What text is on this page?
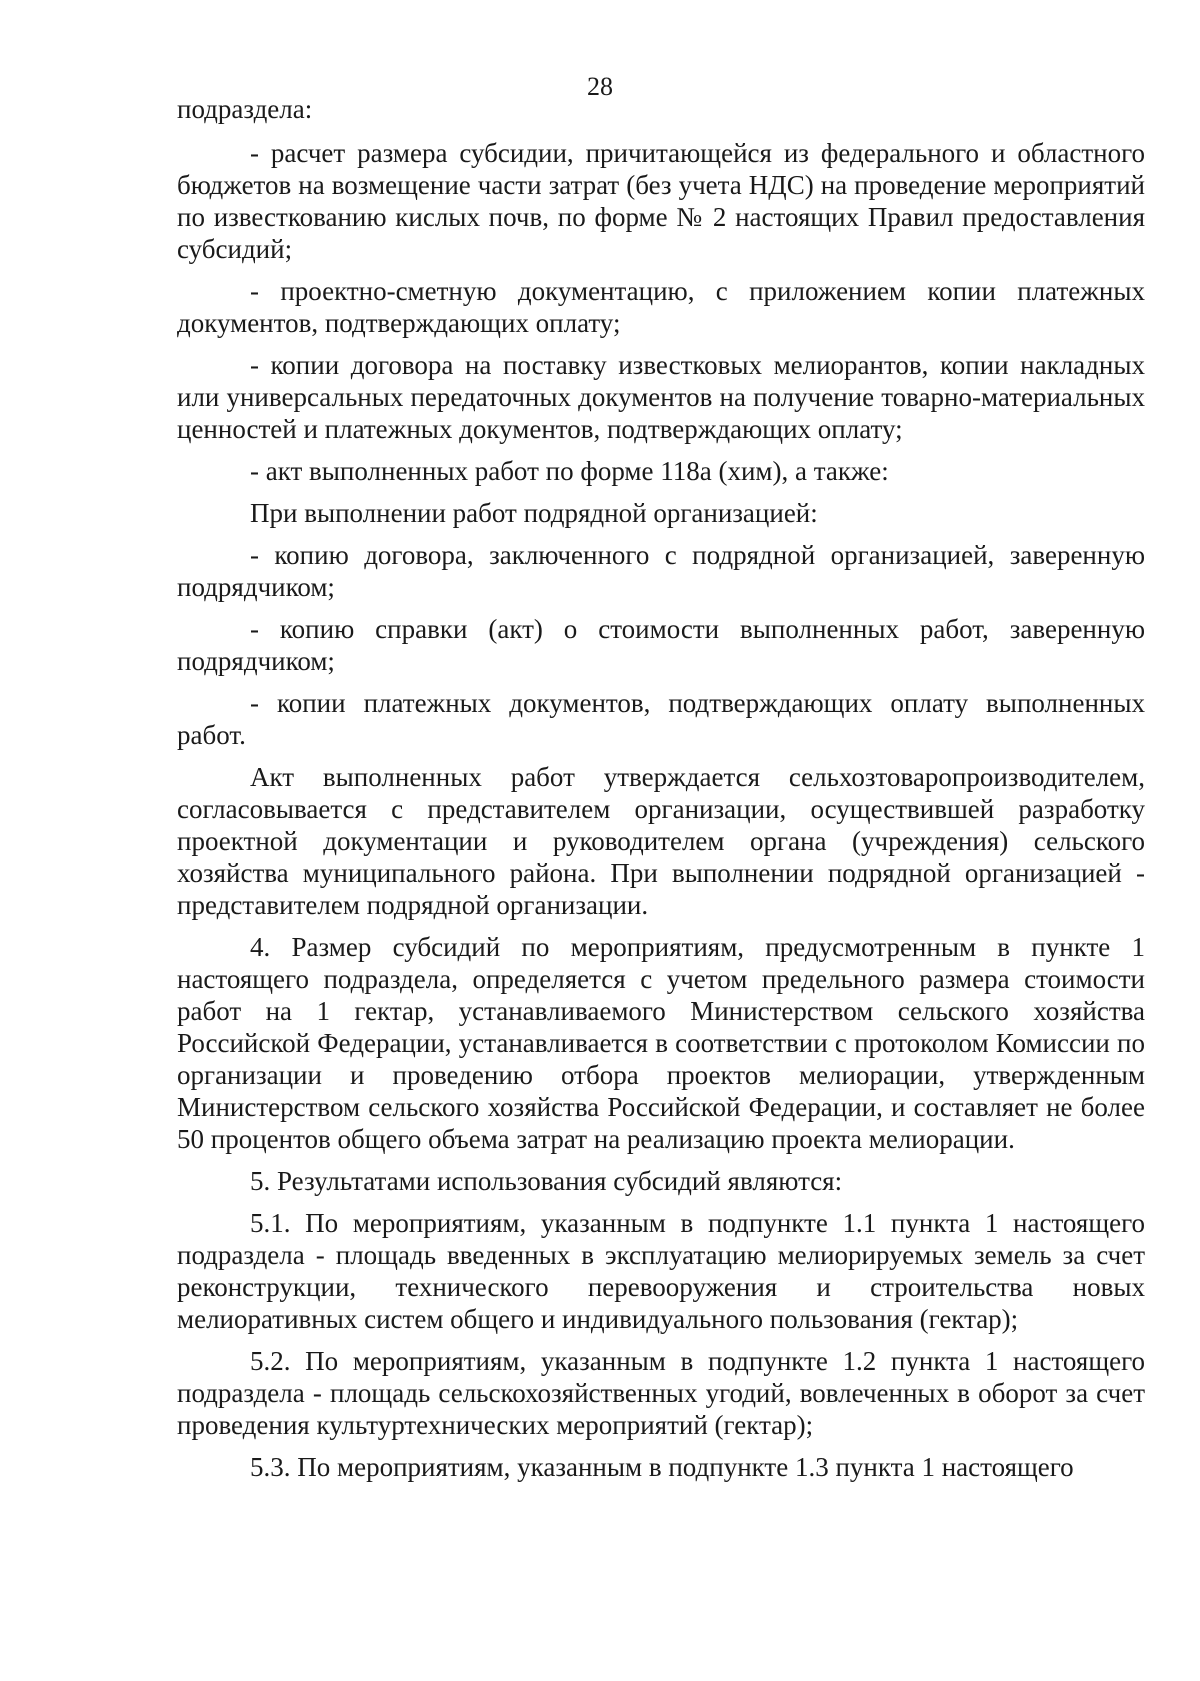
28

подраздела:

- расчет размера субсидии, причитающейся из федерального и областного бюджетов на возмещение части затрат (без учета НДС) на проведение мероприятий по известкованию кислых почв, по форме № 2 настоящих Правил предоставления субсидий;

- проектно-сметную документацию, с приложением копии платежных документов, подтверждающих оплату;

- копии договора на поставку известковых мелиорантов, копии накладных или универсальных передаточных документов на получение товарно-материальных ценностей и платежных документов, подтверждающих оплату;

- акт выполненных работ по форме 118а (хим), а также:

При выполнении работ подрядной организацией:

- копию договора, заключенного с подрядной организацией, заверенную подрядчиком;

- копию справки (акт) о стоимости выполненных работ, заверенную подрядчиком;

- копии платежных документов, подтверждающих оплату выполненных работ.

Акт выполненных работ утверждается сельхозтоваропроизводителем, согласовывается с представителем организации, осуществившей разработку проектной документации и руководителем органа (учреждения) сельского хозяйства муниципального района. При выполнении подрядной организацией - представителем подрядной организации.

4. Размер субсидий по мероприятиям, предусмотренным в пункте 1 настоящего подраздела, определяется с учетом предельного размера стоимости работ на 1 гектар, устанавливаемого Министерством сельского хозяйства Российской Федерации, устанавливается в соответствии с протоколом Комиссии по организации и проведению отбора проектов мелиорации, утвержденным Министерством сельского хозяйства Российской Федерации, и составляет не более 50 процентов общего объема затрат на реализацию проекта мелиорации.

5. Результатами использования субсидий являются:

5.1. По мероприятиям, указанным в подпункте 1.1 пункта 1 настоящего подраздела - площадь введенных в эксплуатацию мелиорируемых земель за счет реконструкции, технического перевооружения и строительства новых мелиоративных систем общего и индивидуального пользования (гектар);

5.2. По мероприятиям, указанным в подпункте 1.2 пункта 1 настоящего подраздела - площадь сельскохозяйственных угодий, вовлеченных в оборот за счет проведения культуртехнических мероприятий (гектар);

5.3. По мероприятиям, указанным в подпункте 1.3 пункта 1 настоящего
